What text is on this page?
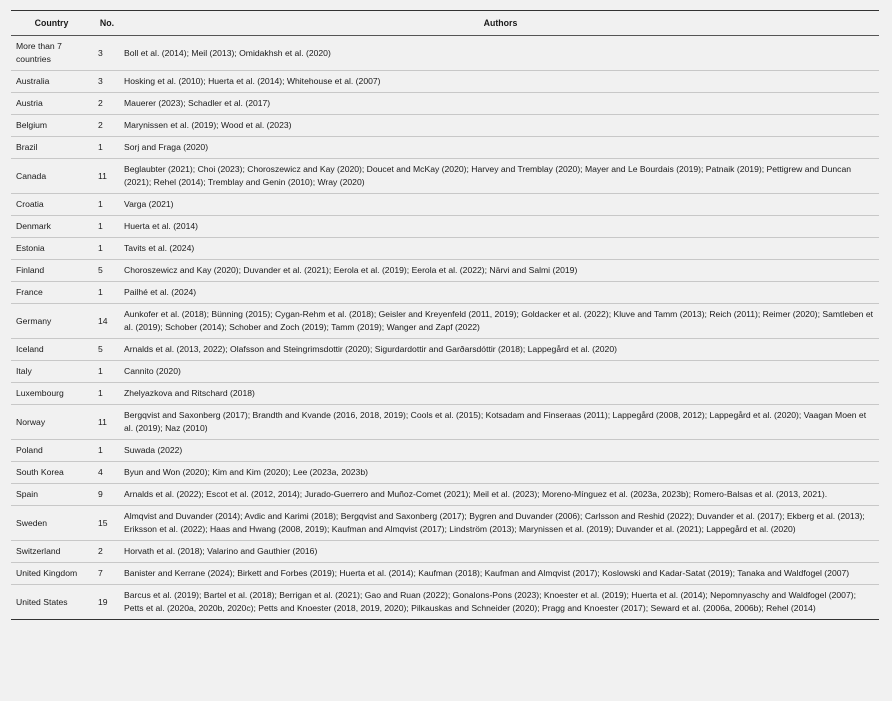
Country	No.	Authors
More than 7 countries	3	Boll et al. (2014); Meil (2013); Omidakhsh et al. (2020)
Australia	3	Hosking et al. (2010); Huerta et al. (2014); Whitehouse et al. (2007)
Austria	2	Mauerer (2023); Schadler et al. (2017)
Belgium	2	Marynissen et al. (2019); Wood et al. (2023)
Brazil	1	Sorj and Fraga (2020)
Canada	11	Beglaubter (2021); Choi (2023); Choroszewicz and Kay (2020); Doucet and McKay (2020); Harvey and Tremblay (2020); Mayer and Le Bourdais (2019); Patnaik (2019); Pettigrew and Duncan (2021); Rehel (2014); Tremblay and Genin (2010); Wray (2020)
Croatia	1	Varga (2021)
Denmark	1	Huerta et al. (2014)
Estonia	1	Tavits et al. (2024)
Finland	5	Choroszewicz and Kay (2020); Duvander et al. (2021); Eerola et al. (2019); Eerola et al. (2022); Närvi and Salmi (2019)
France	1	Pailhé et al. (2024)
Germany	14	Aunkofer et al. (2018); Bünning (2015); Cygan-Rehm et al. (2018); Geisler and Kreyenfeld (2011, 2019); Goldacker et al. (2022); Kluve and Tamm (2013); Reich (2011); Reimer (2020); Samtleben et al. (2019); Schober (2014); Schober and Zoch (2019); Tamm (2019); Wanger and Zapf (2022)
Iceland	5	Arnalds et al. (2013, 2022); Olafsson and Steingrimsdottir (2020); Sigurdardottir and Garðarsdóttir (2018); Lappegård et al. (2020)
Italy	1	Cannito (2020)
Luxembourg	1	Zhelyazkova and Ritschard (2018)
Norway	11	Bergqvist and Saxonberg (2017); Brandth and Kvande (2016, 2018, 2019); Cools et al. (2015); Kotsadam and Finseraas (2011); Lappegård (2008, 2012); Lappegård et al. (2020); Vaagan Moen et al. (2019); Naz (2010)
Poland	1	Suwada (2022)
South Korea	4	Byun and Won (2020); Kim and Kim (2020); Lee (2023a, 2023b)
Spain	9	Arnalds et al. (2022); Escot et al. (2012, 2014); Jurado-Guerrero and Muñoz-Comet (2021); Meil et al. (2023); Moreno-Mínguez et al. (2023a, 2023b); Romero-Balsas et al. (2013, 2021).
Sweden	15	Almqvist and Duvander (2014); Avdic and Karimi (2018); Bergqvist and Saxonberg (2017); Bygren and Duvander (2006); Carlsson and Reshid (2022); Duvander et al. (2017); Ekberg et al. (2013); Eriksson et al. (2022); Haas and Hwang (2008, 2019); Kaufman and Almqvist (2017); Lindström (2013); Marynissen et al. (2019); Duvander et al. (2021); Lappegård et al. (2020)
Switzerland	2	Horvath et al. (2018); Valarino and Gauthier (2016)
United Kingdom	7	Banister and Kerrane (2024); Birkett and Forbes (2019); Huerta et al. (2014); Kaufman (2018); Kaufman and Almqvist (2017); Koslowski and Kadar-Satat (2019); Tanaka and Waldfogel (2007)
United States	19	Barcus et al. (2019); Bartel et al. (2018); Berrigan et al. (2021); Gao and Ruan (2022); Gonalons-Pons (2023); Knoester et al. (2019); Huerta et al. (2014); Nepomnyaschy and Waldfogel (2007); Petts et al. (2020a, 2020b, 2020c); Petts and Knoester (2018, 2019, 2020); Pilkauskas and Schneider (2020); Pragg and Knoester (2017); Seward et al. (2006a, 2006b); Rehel (2014)
